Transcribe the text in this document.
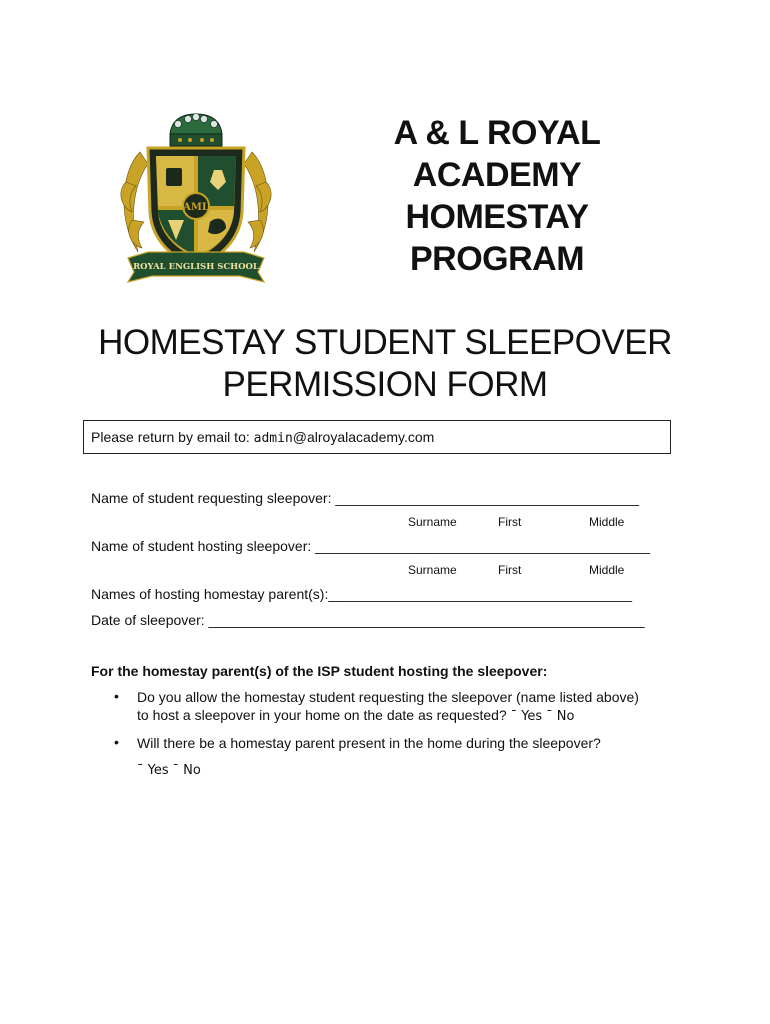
AML
ROYAL ENGLISH SCHOOL
A & L ROYAL
ACADEMY
HOMESTAY
PROGRAM
HOMESTAY STUDENT SLEEPOVER
PERMISSION FORM
Please return by email to: admin@alroyalacademy.com
Name of student requesting sleepover: _______________________________________
Surname	First	Middle
Name of student hosting sleepover: ___________________________________________
Surname	First	Middle
Names of hosting homestay parent(s):_______________________________________
Date of sleepover: ________________________________________________________
For the homestay parent(s) of the ISP student hosting the sleepover:
• Do you allow the homestay student requesting the sleepover (name listed above)
to host a sleepover in your home on the date as requested? ¯ Yes ¯ No
• Will there be a homestay parent present in the home during the sleepover?
¯ Yes ¯ No
